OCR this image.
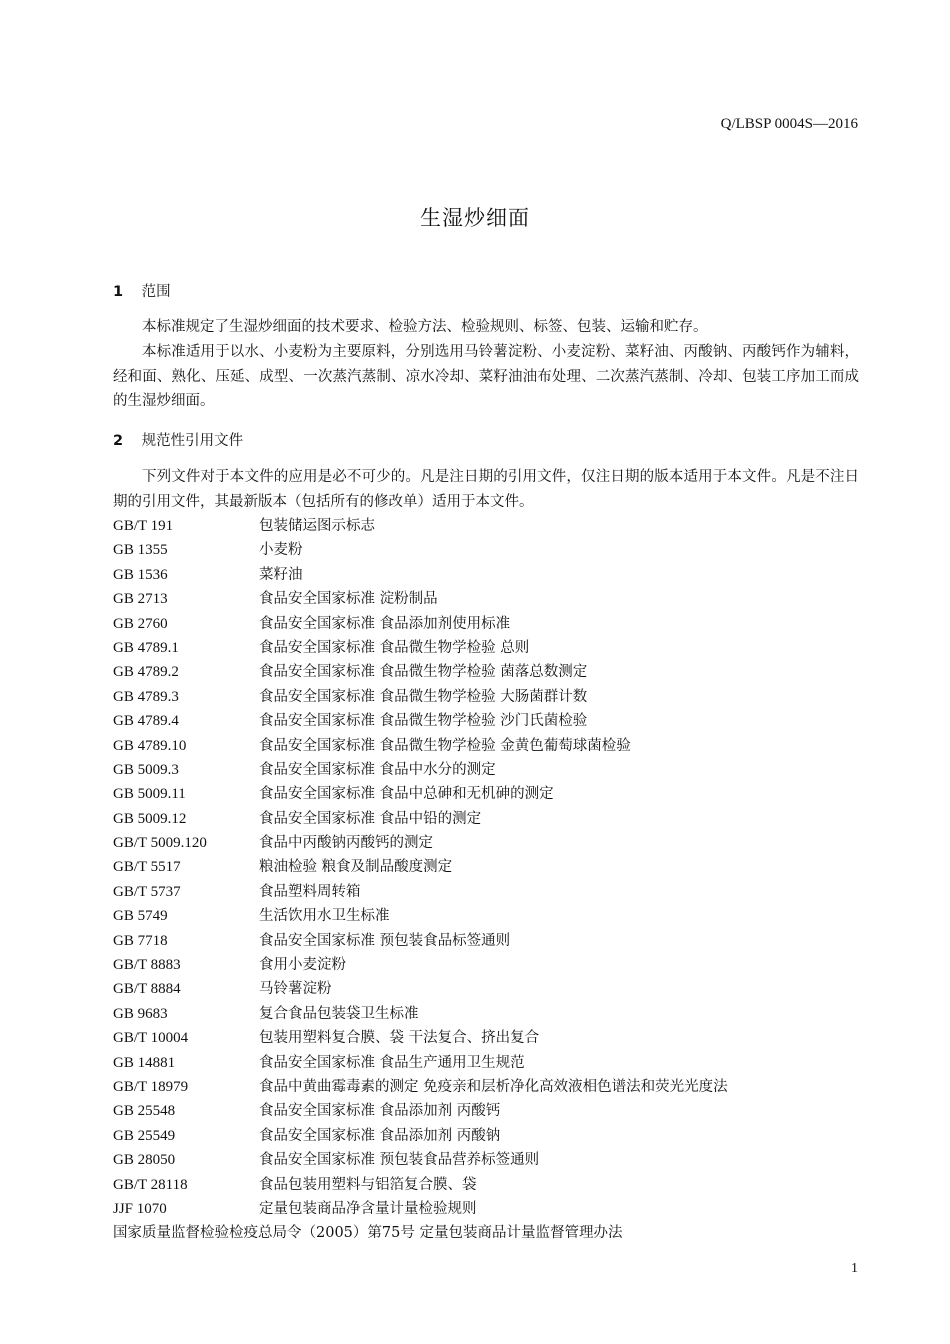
Q/LBSP 0004S—2016
生湿炒细面
1 范围
本标准规定了生湿炒细面的技术要求、检验方法、检验规则、标签、包装、运输和贮存。
本标准适用于以水、小麦粉为主要原料，分别选用马铃薯淀粉、小麦淀粉、菜籽油、丙酸钠、丙酸钙作为辅料，经和面、熟化、压延、成型、一次蒸汽蒸制、凉水冷却、菜籽油油布处理、二次蒸汽蒸制、冷却、包装工序加工而成的生湿炒细面。
2 规范性引用文件
下列文件对于本文件的应用是必不可少的。凡是注日期的引用文件，仅注日期的版本适用于本文件。凡是不注日期的引用文件，其最新版本（包括所有的修改单）适用于本文件。
GB/T 191	包装储运图示标志
GB 1355	小麦粉
GB 1536	菜籽油
GB 2713	食品安全国家标准 淀粉制品
GB 2760	食品安全国家标准 食品添加剂使用标准
GB 4789.1	食品安全国家标准 食品微生物学检验 总则
GB 4789.2	食品安全国家标准 食品微生物学检验 菌落总数测定
GB 4789.3	食品安全国家标准 食品微生物学检验 大肠菌群计数
GB 4789.4	食品安全国家标准 食品微生物学检验 沙门氏菌检验
GB 4789.10	食品安全国家标准 食品微生物学检验 金黄色葡萄球菌检验
GB 5009.3	食品安全国家标准 食品中水分的测定
GB 5009.11	食品安全国家标准 食品中总砷和无机砷的测定
GB 5009.12	食品安全国家标准 食品中铅的测定
GB/T 5009.120	食品中丙酸钠丙酸钙的测定
GB/T 5517	粮油检验 粮食及制品酸度测定
GB/T 5737	食品塑料周转箱
GB 5749	生活饮用水卫生标准
GB 7718	食品安全国家标准 预包装食品标签通则
GB/T 8883	食用小麦淀粉
GB/T 8884	马铃薯淀粉
GB 9683	复合食品包装袋卫生标准
GB/T 10004	包装用塑料复合膜、袋 干法复合、挤出复合
GB 14881	食品安全国家标准 食品生产通用卫生规范
GB/T 18979	食品中黄曲霉毒素的测定 免疫亲和层析净化高效液相色谱法和荧光光度法
GB 25548	食品安全国家标准 食品添加剂 丙酸钙
GB 25549	食品安全国家标准 食品添加剂 丙酸钠
GB 28050	食品安全国家标准 预包装食品营养标签通则
GB/T 28118	食品包装用塑料与铝箔复合膜、袋
JJF 1070	定量包装商品净含量计量检验规则
国家质量监督检验检疫总局令（2005）第75号 定量包装商品计量监督管理办法
1
